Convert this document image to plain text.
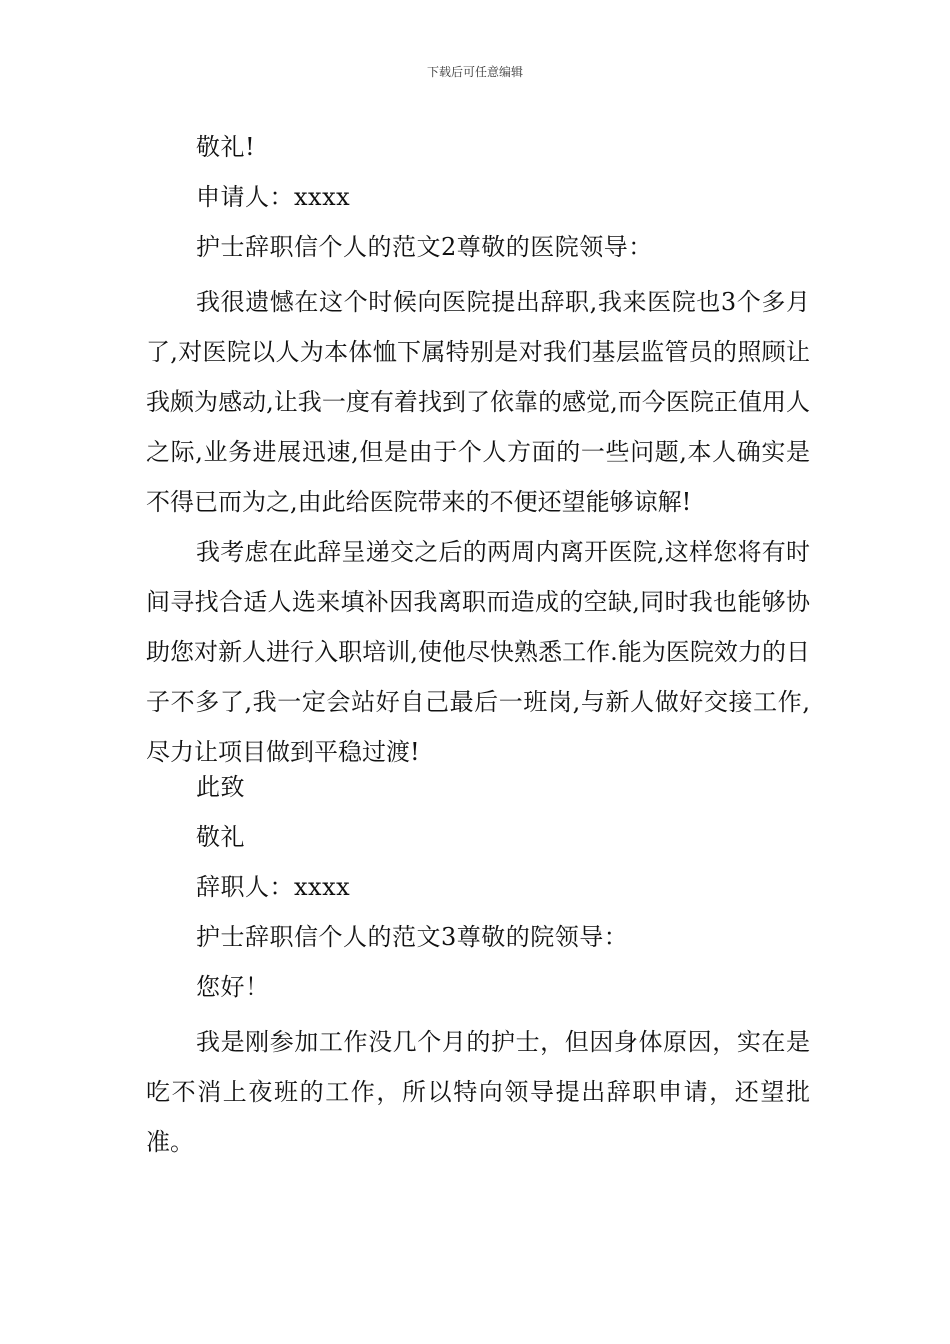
下载后可任意编辑
敬礼!
申请人：xxxx
护士辞职信个人的范文2尊敬的医院领导：
我很遗憾在这个时候向医院提出辞职,我来医院也3个多月了,对医院以人为本体恤下属特别是对我们基层监管员的照顾让我颇为感动,让我一度有着找到了依靠的感觉,而今医院正值用人之际,业务进展迅速,但是由于个人方面的一些问题,本人确实是不得已而为之,由此给医院带来的不便还望能够谅解!
我考虑在此辞呈递交之后的两周内离开医院,这样您将有时间寻找合适人选来填补因我离职而造成的空缺,同时我也能够协助您对新人进行入职培训,使他尽快熟悉工作.能为医院效力的日子不多了,我一定会站好自己最后一班岗,与新人做好交接工作,尽力让项目做到平稳过渡!
此致
敬礼
辞职人：xxxx
护士辞职信个人的范文3尊敬的院领导：
您好！
我是刚参加工作没几个月的护士，但因身体原因，实在是吃不消上夜班的工作，所以特向领导提出辞职申请，还望批准。
